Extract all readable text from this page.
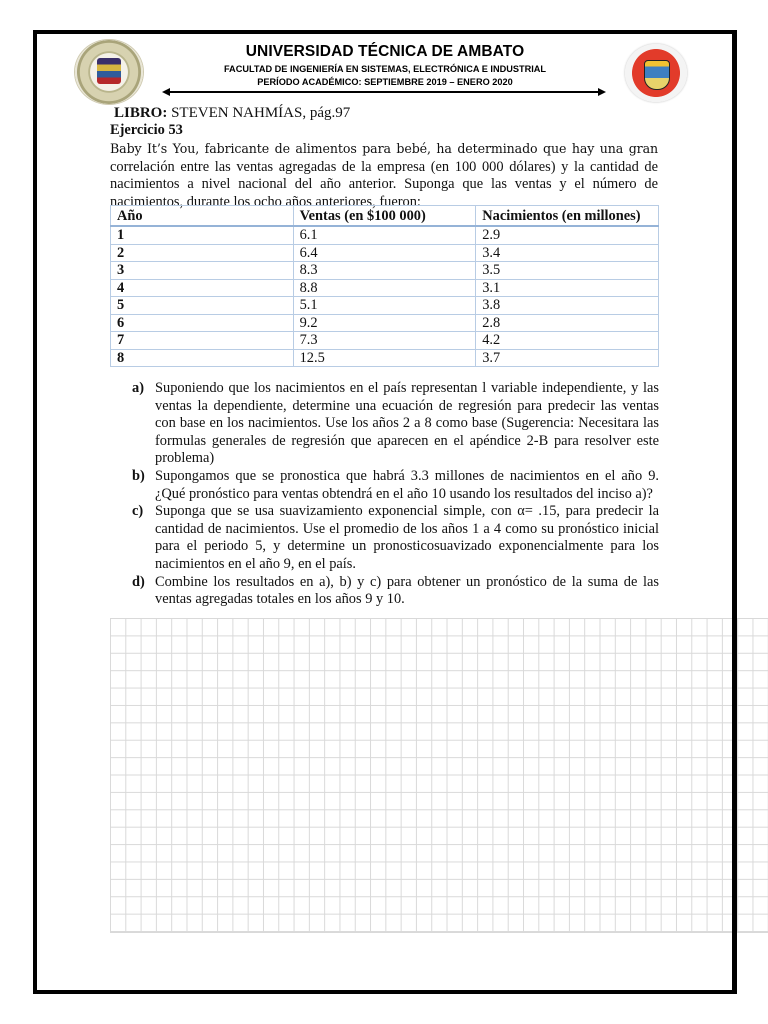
UNIVERSIDAD TÉCNICA DE AMBATO
FACULTAD DE INGENIERÍA EN SISTEMAS, ELECTRÓNICA E INDUSTRIAL
PERÍODO ACADÉMICO: SEPTIEMBRE 2019 – ENERO 2020
LIBRO: STEVEN NAHMÍAS, pág.97
Ejercicio 53
Baby It’s You, fabricante de alimentos para bebé, ha determinado que hay una gran correlación entre las ventas agregadas de la empresa (en 100 000 dólares) y la cantidad de nacimientos a nivel nacional del año anterior. Suponga que las ventas y el número de nacimientos, durante los ocho años anteriores, fueron:
Año	Ventas (en $100 000)	Nacimientos (en millones)
1	6.1	2.9
2	6.4	3.4
3	8.3	3.5
4	8.8	3.1
5	5.1	3.8
6	9.2	2.8
7	7.3	4.2
8	12.5	3.7
a) Suponiendo que los nacimientos en el país representan l variable independiente, y las ventas la dependiente, determine una ecuación de regresión para predecir las ventas con base en los nacimientos. Use los años 2 a 8 como base (Sugerencia: Necesitara las formulas generales de regresión que aparecen en el apéndice 2-B para resolver este problema)
b) Supongamos que se pronostica que habrá 3.3 millones de nacimientos en el año 9. ¿Qué pronóstico para ventas obtendrá en el año 10 usando los resultados del inciso a)?
c) Suponga que se usa suavizamiento exponencial simple, con α= .15, para predecir la cantidad de nacimientos. Use el promedio de los años 1 a 4 como su pronóstico inicial para el periodo 5, y determine un pronosticosuavizado exponencialmente para los nacimientos en el año 9, en el país.
d) Combine los resultados en a), b) y c) para obtener un pronóstico de la suma de las ventas agregadas totales en los años 9 y 10.
